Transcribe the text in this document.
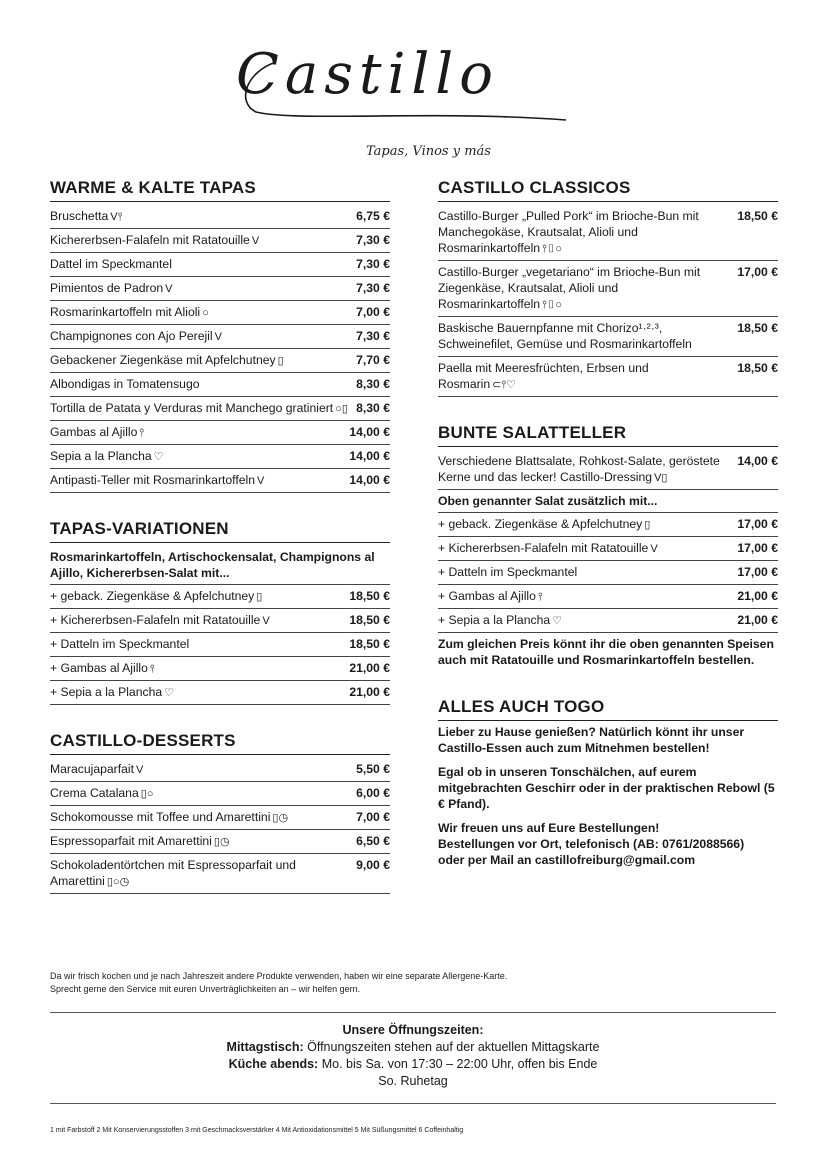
Castillo
Tapas, Vinos y más
WARME & KALTE TAPAS
Bruschetta V⫯	6,75 €
Kichererbsen-Falafeln mit Ratatouille V	7,30 €
Dattel im Speckmantel	7,30 €
Pimientos de Padron V	7,30 €
Rosmarinkartoffeln mit Alioli ○	7,00 €
Champignones con Ajo Perejil V	7,30 €
Gebackener Ziegenkäse mit Apfelchutney ▯	7,70 €
Albondigas in Tomatensugo	8,30 €
Tortilla de Patata y Verduras mit Manchego gratiniert ○▯ 8,30 €
Gambas al Ajillo ⫯	14,00 €
Sepia a la Plancha ♡	14,00 €
Antipasti-Teller mit Rosmarinkartoffeln V	14,00 €
TAPAS-VARIATIONEN
Rosmarinkartoffeln, Artischockensalat, Champignons al Ajillo, Kichererbsen-Salat mit...
+ geback. Ziegenkäse & Apfelchutney ▯	18,50 €
+ Kichererbsen-Falafeln mit Ratatouille V	18,50 €
+ Datteln im Speckmantel	18,50 €
+ Gambas al Ajillo ⫯	21,00 €
+ Sepia a la Plancha ♡	21,00 €
CASTILLO-DESSERTS
Maracujaparfait V	5,50 €
Crema Catalana ▯○	6,00 €
Schokomousse mit Toffee und Amarettini ▯◷	7,00 €
Espressoparfait mit Amarettini ▯◷	6,50 €
Schokoladentörtchen mit Espressoparfait und Amarettini ▯○◷
9,00 €
CASTILLO CLASSICOS
Castillo-Burger „Pulled Pork“ im Brioche-Bun mit Manchegokäse, Krautsalat, Alioli und Rosmarinkartoffeln ⫯▯○
18,50 €
Castillo-Burger „vegetariano“ im Brioche-Bun mit Ziegenkäse, Krautsalat, Alioli und Rosmarinkartoffeln ⫯▯○
17,00 €
Baskische Bauernpfanne mit Chorizo¹·²·³, Schweinefilet, Gemüse und Rosmarinkartoffeln
18,50 €
Paella mit Meeresfrüchten, Erbsen und Rosmarin ⊂⫯♡
18,50 €
BUNTE SALATTELLER
Verschiedene Blattsalate, Rohkost-Salate, geröstete Kerne und das lecker! Castillo-Dressing V▯
14,00 €
Oben genannter Salat zusätzlich mit...
+ geback. Ziegenkäse & Apfelchutney ▯	17,00 €
+ Kichererbsen-Falafeln mit Ratatouille V	17,00 €
+ Datteln im Speckmantel	17,00 €
+ Gambas al Ajillo ⫯	21,00 €
+ Sepia a la Plancha ♡	21,00 €
Zum gleichen Preis könnt ihr die oben genannten Speisen auch mit Ratatouille und Rosmarinkartoffeln bestellen.
ALLES AUCH TOGO

Lieber zu Hause genießen? Natürlich könnt ihr unser Castillo-Essen auch zum Mitnehmen bestellen!

Egal ob in unseren Tonschälchen, auf eurem mitgebrachten Geschirr oder in der praktischen Rebowl (5 € Pfand).

Wir freuen uns auf Eure Bestellungen!
Bestellungen vor Ort, telefonisch (AB: 0761/2088566)
oder per Mail an castillofreiburg@gmail.com

Da wir frisch kochen und je nach Jahreszeit andere Produkte verwenden, haben wir eine separate Allergene-Karte.
Sprecht gerne den Service mit euren Unverträglichkeiten an – wir helfen gern.
Unsere Öffnungszeiten:
Mittagstisch: Öffnungszeiten stehen auf der aktuellen Mittagskarte
Küche abends: Mo. bis Sa. von 17:30 – 22:00 Uhr, offen bis Ende
So. Ruhetag
1 mit Farbstoff 2 Mit Konservierungsstoffen 3 mit Geschmacksverstärker 4 Mit Antioxidationsmittel 5 Mit Süßungsmittel 6 Coffeinhaltig
